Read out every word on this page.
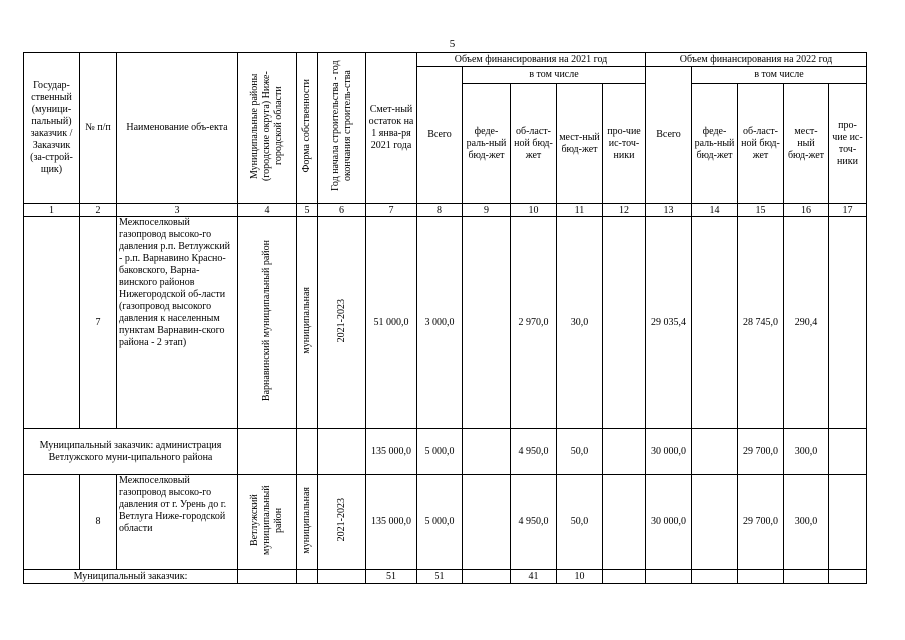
5
Государ-ственный (муници-пальный) заказчик / Заказчик (за-строй-щик)	№ п/п	Наименование объ-екта	Муниципальные районы (городские округа) Ниже-городской области	Форма собственности	Год начала строительства - год окончания строитель-ства	Смет-ный остаток на 1 янва-ря 2021 года	Объем финансирования на 2021 год					Объем финансирования на 2022 год				
							Всего	в том числе				Всего	в том числе			
								феде-раль-ный бюд-жет	об-ласт-ной бюд-жет	мест-ный бюд-жет	про-чие ис-точ-ники		феде-раль-ный бюд-жет	об-ласт-ной бюд-жет	мест-ный бюд-жет	про-чие ис-точ-ники
1	2	3	4	5	6	7	8	9	10	11	12	13	14	15	16	17
	7	Межпоселковый газопровод высоко-го давления р.п. Ветлужский - р.п. Варнавино Красно-баковского, Варна-винского районов Нижегородской об-ласти (газопровод высокого давления к населенным пунктам Варнавин-ского района - 2 этап)	Варнавинский муниципальный район	муниципальная	2021-2023	51 000,0	3 000,0		2 970,0	30,0		29 035,4		28 745,0	290,4	
Муниципальный заказчик: администрация Ветлужского муни-ципального района						135 000,0	5 000,0		4 950,0	50,0		30 000,0		29 700,0	300,0	
	8	Межпоселковый газопровод высоко-го давления от г. Урень до г. Ветлуга Ниже-городской области	Ветлужский муниципальный район	муниципальная	2021-2023	135 000,0	5 000,0		4 950,0	50,0		30 000,0		29 700,0	300,0	
Муниципальный заказчик:						51	51		41	10						
